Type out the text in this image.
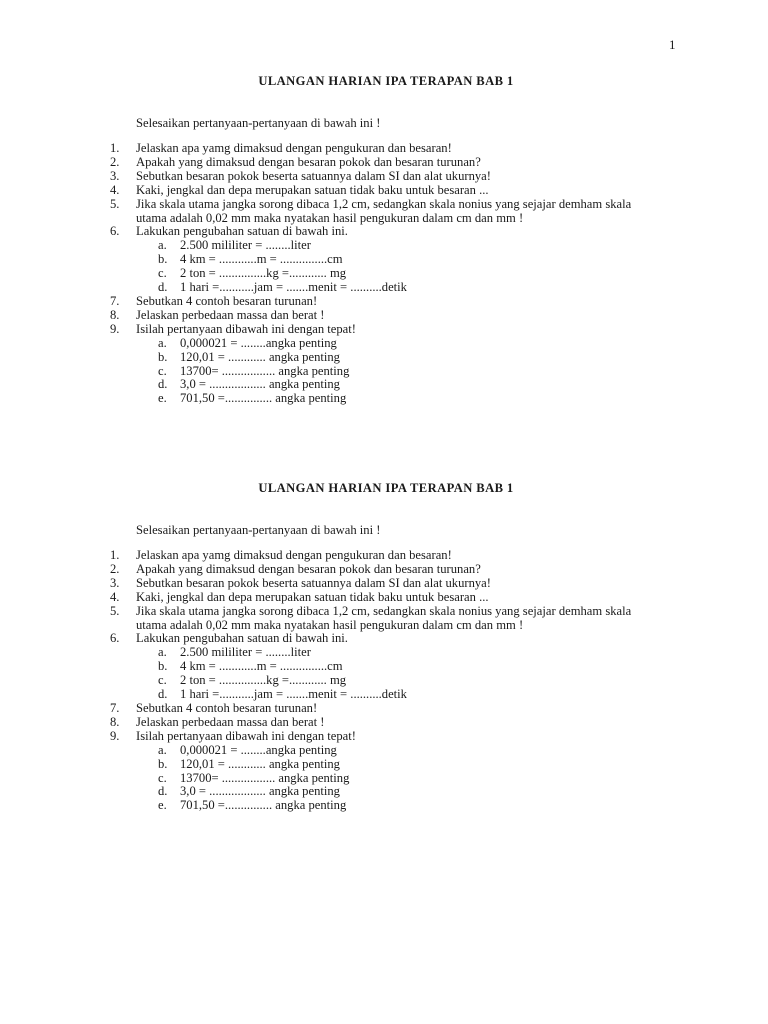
1
ULANGAN HARIAN IPA TERAPAN BAB 1
Selesaikan pertanyaan-pertanyaan di bawah ini !
1.	Jelaskan apa yamg dimaksud dengan pengukuran dan besaran!
2.	Apakah yang dimaksud dengan besaran pokok dan besaran turunan?
3.	Sebutkan besaran pokok beserta satuannya dalam SI dan alat ukurnya!
4.	Kaki, jengkal dan depa merupakan satuan tidak baku untuk besaran ...
5.	Jika skala utama jangka sorong dibaca 1,2 cm, sedangkan skala nonius yang sejajar demham skala utama adalah 0,02 mm maka nyatakan hasil pengukuran dalam cm dan mm !
6.	Lakukan pengubahan satuan di bawah ini.
a. 2.500 mililiter = ........liter
b. 4 km = ............m = ...............cm
c. 2 ton = ...............kg =............ mg
d. 1 hari =...........jam = .......menit = ..........detik
7.	Sebutkan 4 contoh besaran turunan!
8.	Jelaskan perbedaan massa dan berat !
9.	Isilah pertanyaan dibawah ini dengan tepat!
a. 0,000021 = ........angka penting
b. 120,01 = ............ angka penting
c. 13700= ................. angka penting
d. 3,0 = .................. angka penting
e. 701,50 =............... angka penting
ULANGAN HARIAN IPA TERAPAN BAB 1
Selesaikan pertanyaan-pertanyaan di bawah ini !
1.	Jelaskan apa yamg dimaksud dengan pengukuran dan besaran!
2.	Apakah yang dimaksud dengan besaran pokok dan besaran turunan?
3.	Sebutkan besaran pokok beserta satuannya dalam SI dan alat ukurnya!
4.	Kaki, jengkal dan depa merupakan satuan tidak baku untuk besaran ...
5.	Jika skala utama jangka sorong dibaca 1,2 cm, sedangkan skala nonius yang sejajar demham skala utama adalah 0,02 mm maka nyatakan hasil pengukuran dalam cm dan mm !
6.	Lakukan pengubahan satuan di bawah ini.
a. 2.500 mililiter = ........liter
b. 4 km = ............m = ...............cm
c. 2 ton = ...............kg =............ mg
d. 1 hari =...........jam = .......menit = ..........detik
7.	Sebutkan 4 contoh besaran turunan!
8.	Jelaskan perbedaan massa dan berat !
9.	Isilah pertanyaan dibawah ini dengan tepat!
a. 0,000021 = ........angka penting
b. 120,01 = ............ angka penting
c. 13700= ................. angka penting
d. 3,0 = .................. angka penting
e. 701,50 =............... angka penting
